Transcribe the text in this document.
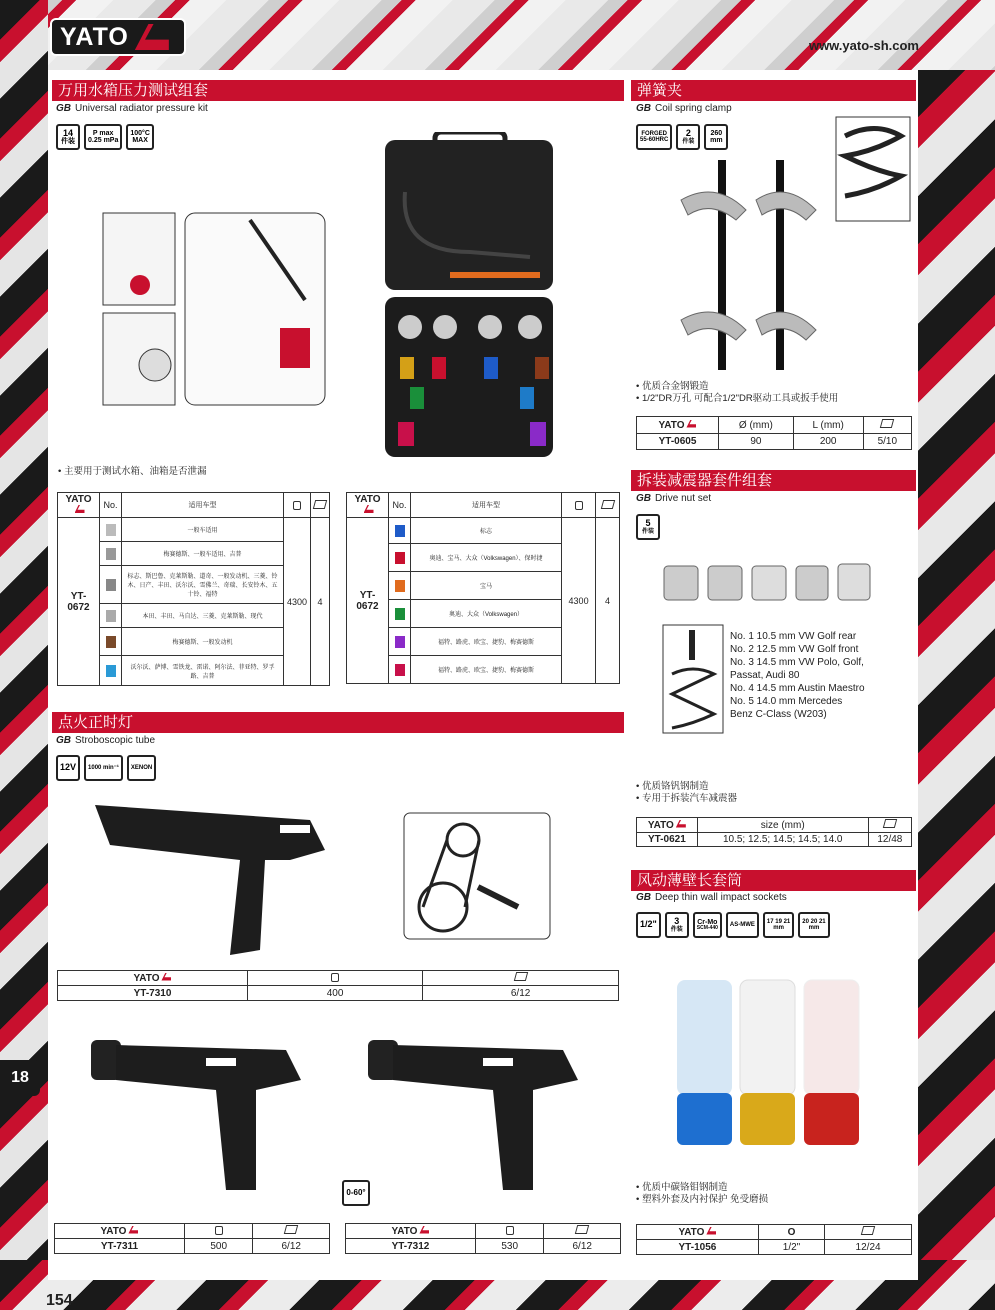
YATO	www.yato-sh.com
万用水箱压力测试组套
GB Universal radiator pressure kit
14
件装
P max
0.25 mPa
100°C
MAX
• 主要用于测试水箱、油箱是否泄漏
YATO	No.	适用车型		
YT-0672		一般车适用	4300	4

		梅赛德斯、一般车适用、吉普		

		标志、斯巴鲁、克莱斯勒、道奇、一般发动机、三菱、铃木、日产、丰田、沃尔沃、雪佛兰、奇瑞、长安铃木、五十铃、福特		

		本田、丰田、马自达、三菱、克莱斯勒、现代		

		梅赛德斯、一般发动机		

		沃尔沃、萨博、雪铁龙、雷诺、阿尔法、菲亚特、罗孚路、吉普		
YATO	No.	适用车型		
YT-0672		标志	4300	4

		奥迪、宝马、大众（Volkswagen）、保时捷		

		宝马		

		奥迪、大众（Volkswagen）		

		福特、路虎、欧宝、捷豹、梅赛德斯		

		福特、路虎、欧宝、捷豹、梅赛德斯		
弹簧夹
GB Coil spring clamp
FORGED
55-60HRC
2
件装
260
mm
• 优质合金钢锻造
• 1/2"DR万孔 可配合1/2"DR驱动工具或扳手使用
YATO	Ø (mm)	L (mm)	
YT-0605	90	200	5/10
拆装减震器套件组套
GB Drive nut set
5
件装
No. 1 10.5 mm VW Golf rear
No. 2 12.5 mm VW Golf front
No. 3 14.5 mm VW Polo, Golf,
Passat, Audi 80
No. 4 14.5 mm Austin Maestro
No. 5 14.0 mm Mercedes
Benz C-Class (W203)
• 优质铬钒钢制造
• 专用于拆装汽车减震器
YATO	size (mm)	
YT-0621	10.5; 12.5; 14.5; 14.5; 14.0	12/48
点火正时灯
GB Stroboscopic tube
12V 1000 min⁻¹ XENON
YATO		
YT-7310	400	6/12
0-60°
YATO		
YT-7311	500	6/12
YATO		
YT-7312	530	6/12
风动薄壁长套筒
GB Deep thin wall impact sockets
1/2"	3
件装
Cr-Mo
SCM-440
AS-MWE
17 19 21
mm
20 20 21
mm
• 优质中碳铬钼钢制造
• 塑料外套及内衬保护 免受磨损
YATO	O	
YT-1056	1/2"	12/24
18
154
